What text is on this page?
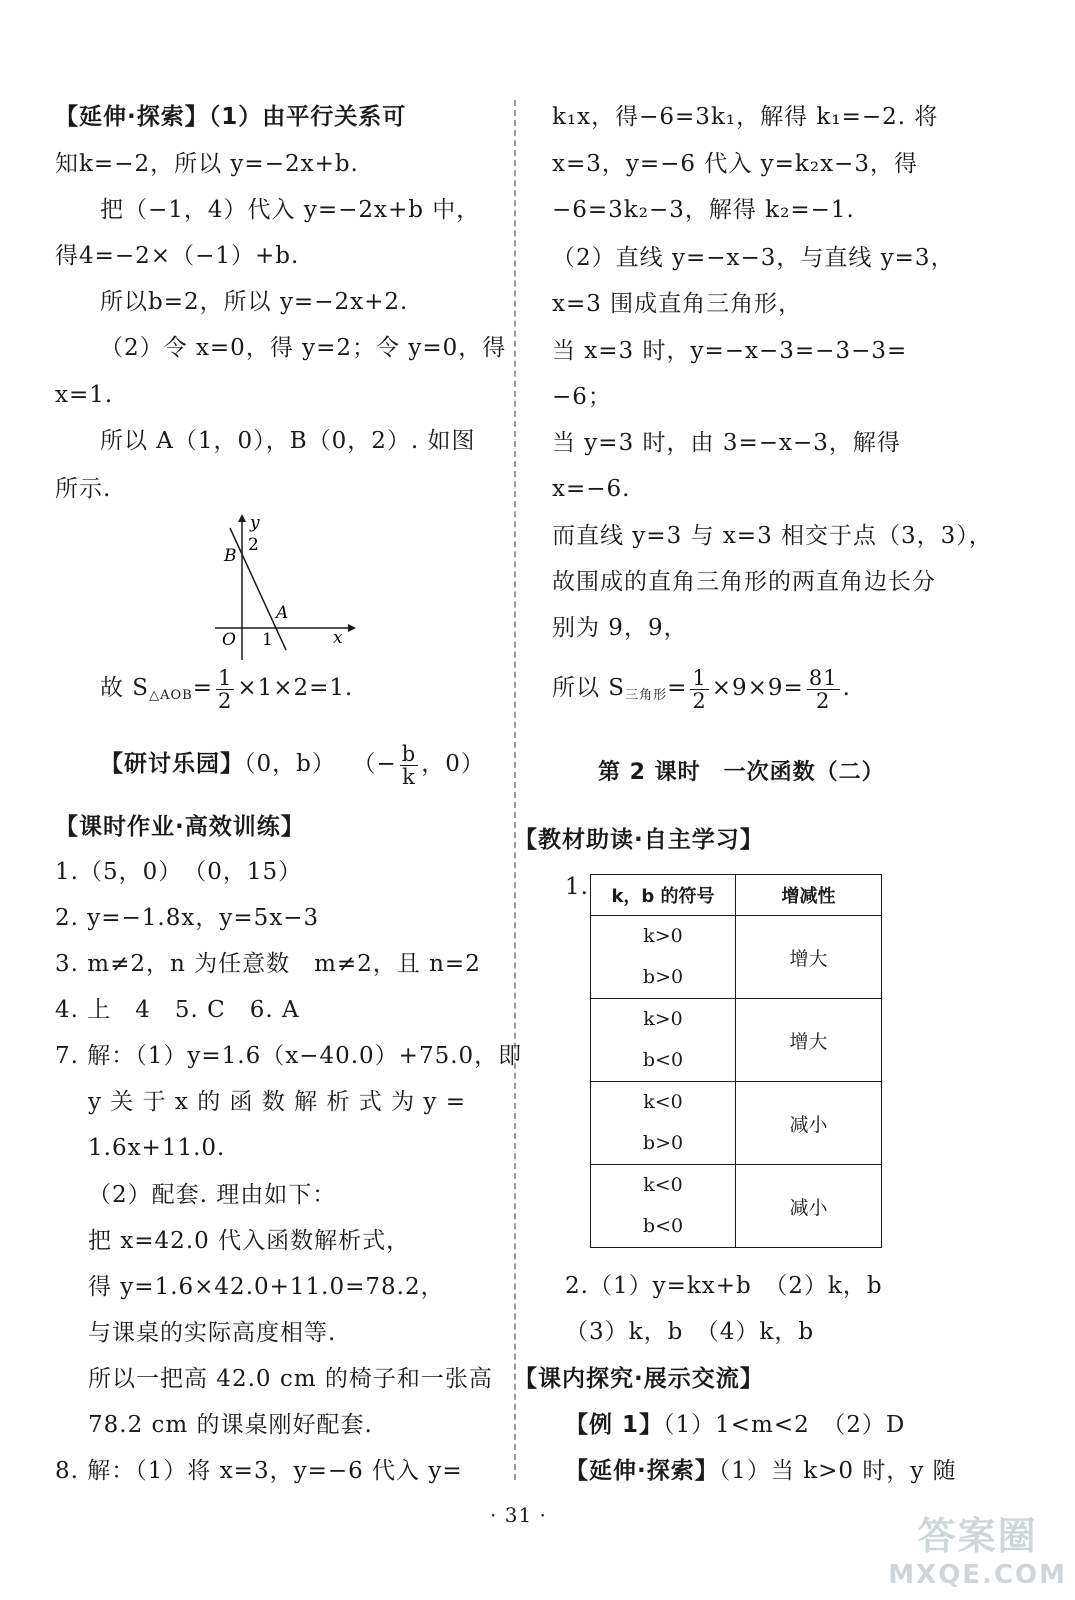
【延伸·探索】（1）由平行关系可
知k=−2，所以 y=−2x+b.
把（−1，4）代入 y=−2x+b 中，
得4=−2×（−1）+b.
所以b=2，所以 y=−2x+2.
（2）令 x=0，得 y=2；令 y=0，得
x=1.
所以 A（1，0），B（0，2）. 如图
所示.
y
2
B
A
O 1	x
故 $S_{\triangle AOB}= \frac{1}{2} \times 1\times 2=1$.
【研讨乐园】（0，b） （− $\frac{b}{k}$ ，0）
【课时作业·高效训练】
1.（5，0）　（0，15）
2. y=−1.8x，y=5x−3
3. m≠2，n 为任意数　m≠2，且 n=2
4. 上　4　5. C　6. A
7. 解：（1）y=1.6（x−40.0）+75.0，即
y 关 于 x 的 函 数 解 析 式 为 y =
1.6x+11.0.
（2）配套. 理由如下：
把 x=42.0 代入函数解析式，
得 y=1.6×42.0+11.0=78.2，
与课桌的实际高度相等.
所以一把高 42.0 cm 的椅子和一张高
78.2 cm 的课桌刚好配套.
8. 解：（1）将 x=3，y=−6 代入 y=
k₁x，得−6=3k₁，解得 k₁=−2. 将
x=3，y=−6 代入 y=k₂x−3，得
−6=3k₂−3，解得 k₂=−1.
（2）直线 y=−x−3，与直线 y=3，
x=3 围成直角三角形，
当 x=3 时，y=−x−3=−3−3=
−6；
当 y=3 时，由 3=−x−3，解得
x=−6.
而直线 y=3 与 x=3 相交于点（3，3），
故围成的直角三角形的两直角边长分
别为 9，9，
所以 $S_{三角形}= \frac{1}{2} \times 9\times 9= \frac{81}{2}$ .
第 2 课时　一次函数（二）
【教材助读·自主学习】
1. k，b 的符号	增减性
k>0
b>0	增大
k>0
b<0	增大
k<0
b>0	减小
k<0
b<0	减小
2.（1）y=kx+b　（2）k，b
（3）k，b　（4）k，b
【课内探究·展示交流】
【例 1】（1）1<m<2　（2）D
【延伸·探索】（1）当 k>0 时，y 随
· 31 ·	答案圈
MXQE.COM
